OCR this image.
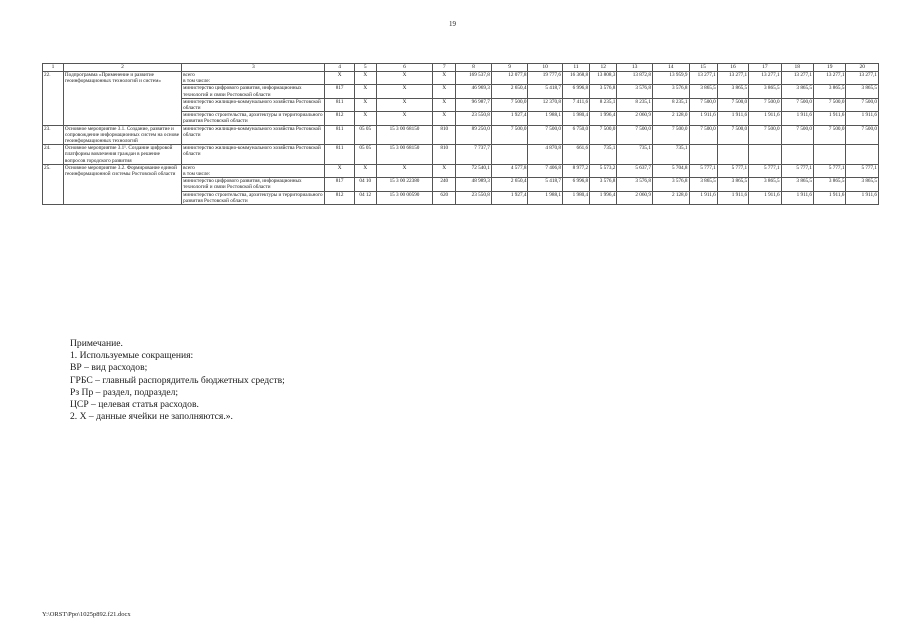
19
1	2	3	4	5	6	7	8	9	10	11	12	13	14	15	16	17	18	19	20
22.	Подпрограмма «Применение и развитие геоинформационных технологий и систем»	всего
в том числе:	X	X	X	X	169 537,8	12 077,8	19 777,6	16 368,8	13 808,3	13 872,8	13 959,9	13 277,1	13 277,1	13 277,1	13 277,1	13 277,1	13 277,1
		министерство цифрового развития, информационных технологий и связи Ростовской области	817	X	X	X	46 969,3	2 650,4	5 418,7	6 996,8	3 576,8	3 576,8	3 576,8	3 865,5	3 865,5	3 865,5	3 865,5	3 865,5	3 865,5
		министерство жилищно-коммунального хозяйства Ростовской области	811	X	X	X	96 987,7	7 500,0	12 370,8	7 411,6	8 235,1	8 235,1	8 235,1	7 500,0	7 500,0	7 500,0	7 500,0	7 500,0	7 500,0
		министерство строительства, архитектуры и территориального развития Ростовской области	812	X	X	X	23 550,8	1 927,4	1 988,1	1 980,4	1 996,4	2 060,9	2 128,0	1 911,6	1 911,6	1 911,6	1 911,6	1 911,6	1 911,6
23.	Основное мероприятие 3.1. Создание, развитие и сопровождение информационных систем на основе геоинформационных технологий	министерство жилищно-коммунального хозяйства Ростовской области	811	05 05	15 3 00 68150	810	89 250,0	7 500,0	7 500,0	6 750,0	7 500,0	7 500,0	7 500,0	7 500,0	7 500,0	7 500,0	7 500,0	7 500,0	7 500,0
24.	Основное мероприятие 3.1¹. Создание цифровой платформы вовлечения граждан в решение вопросов городского развития	министерство жилищно-коммунального хозяйства Ростовской области	811	05 05	15 3 00 68150	810	7 737,7		4 870,8	661,6	735,1	735,1	735,1						
25.	Основное мероприятие 3.2. Формирование единой геоинформационной системы Ростовской области	всего
в том числе:	X	X	X	X	72 540,1	4 577,8	7 406,8	8 977,2	5 573,2	5 637,7	5 704,8	5 777,1	5 777,1	5 777,1	5 777,1	5 777,1	5 777,1
		министерство цифрового развития, информационных технологий и связи Ростовской области	817	04 10	15 3 00 22380	240	48 989,3	2 650,4	5 418,7	6 996,8	3 576,8	3 576,8	3 576,8	3 865,5	3 865,5	3 865,5	3 865,5	3 865,5	3 865,5
		министерство строительства, архитектуры и территориального развития Ростовской области	812	04 12	15 3 00 00590	620	23 550,8	1 927,4	1 988,1	1 980,4	1 996,4	2 060,9	2 128,0	1 911,6	1 911,6	1 911,6	1 911,6	1 911,6	1 911,6
Примечание.
1. Используемые сокращения:
ВР – вид расходов;
ГРБС – главный распорядитель бюджетных средств;
Рз Пр – раздел, подраздел;
ЦСР – целевая статья расходов.
2. X – данные ячейки не заполняются.».
Y:\ORST\Ppo\1025p892.f21.docx
